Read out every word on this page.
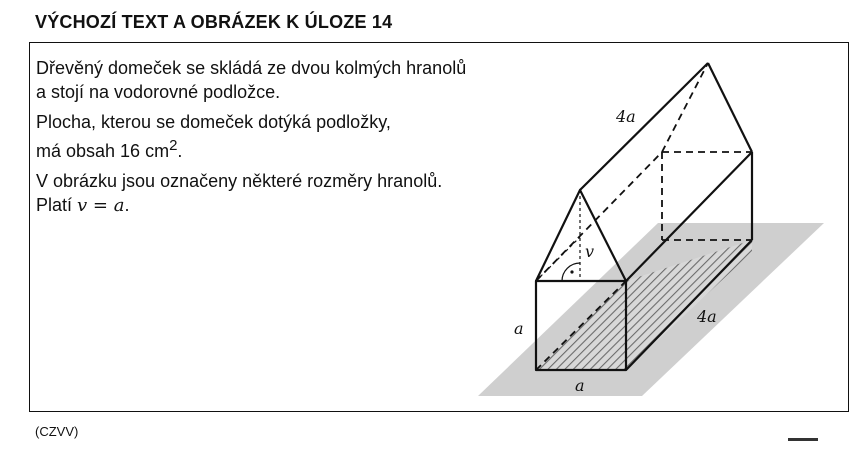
VÝCHOZÍ TEXT A OBRÁZEK K ÚLOZE 14

Dřevěný domeček se skládá ze dvou kolmých hranolů
a stojí na vodorovné podložce.

Plocha, kterou se domeček dotýká podložky,
má obsah 16 $cm^2$.

V obrázku jsou označeny některé rozměry hranolů.
Platí v = a.

4a
v
a
4a
a

(CZVV)
